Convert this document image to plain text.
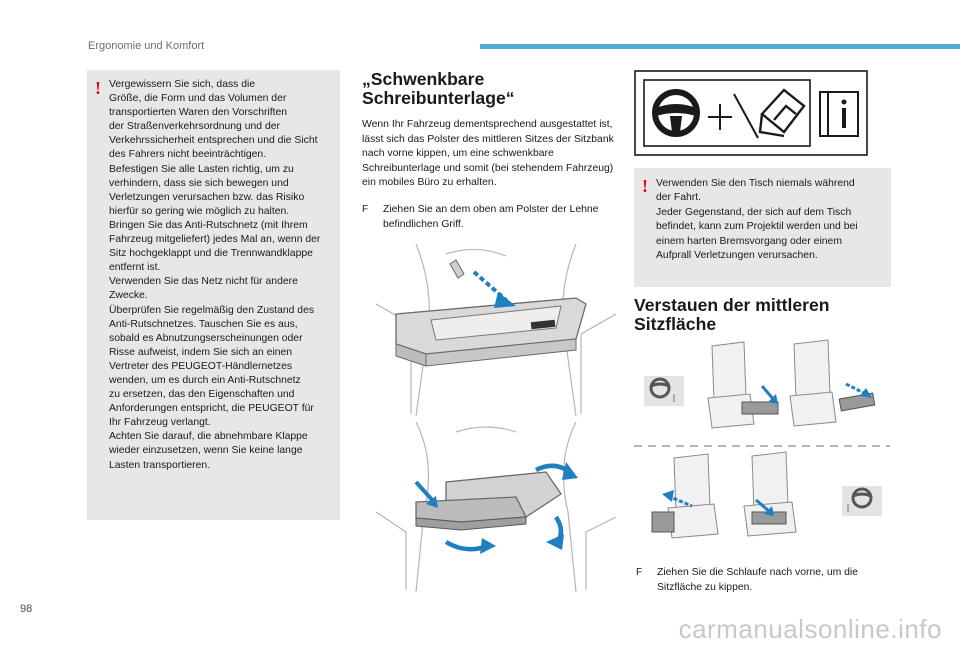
Ergonomie und Komfort
! Vergewissern Sie sich, dass die
Größe, die Form und das Volumen der
transportierten Waren den Vorschriften
der Straßenverkehrsordnung und der
Verkehrssicherheit entsprechen und die Sicht
des Fahrers nicht beeinträchtigen.
Befestigen Sie alle Lasten richtig, um zu
verhindern, dass sie sich bewegen und
Verletzungen verursachen bzw. das Risiko
hierfür so gering wie möglich zu halten.
Bringen Sie das Anti-Rutschnetz (mit Ihrem
Fahrzeug mitgeliefert) jedes Mal an, wenn der
Sitz hochgeklappt und die Trennwandklappe
entfernt ist.
Verwenden Sie das Netz nicht für andere
Zwecke.
Überprüfen Sie regelmäßig den Zustand des
Anti-Rutschnetzes. Tauschen Sie es aus,
sobald es Abnutzungserscheinungen oder
Risse aufweist, indem Sie sich an einen
Vertreter des PEUGEOT-Händlernetzes
wenden, um es durch ein Anti-Rutschnetz
zu ersetzen, das den Eigenschaften und
Anforderungen entspricht, die PEUGEOT für
Ihr Fahrzeug verlangt.
Achten Sie darauf, die abnehmbare Klappe
wieder einzusetzen, wenn Sie keine lange
Lasten transportieren.
„Schwenkbare
Schreibunterlage“
Wenn Ihr Fahrzeug dementsprechend ausgestattet ist, lässt sich das Polster des mittleren Sitzes der Sitzbank nach vorne kippen, um eine schwenkbare Schreibunterlage und somit (bei stehendem Fahrzeug) ein mobiles Büro zu erhalten.
F Ziehen Sie an dem oben am Polster der Lehne befindlichen Griff.
! Verwenden Sie den Tisch niemals während
der Fahrt.
Jeder Gegenstand, der sich auf dem Tisch
befindet, kann zum Projektil werden und bei
einem harten Bremsvorgang oder einem
Aufprall Verletzungen verursachen.
Verstauen der mittleren
Sitzfläche
F Ziehen Sie die Schlaufe nach vorne, um die Sitzfläche zu kippen.
98
carmanualsonline.info
